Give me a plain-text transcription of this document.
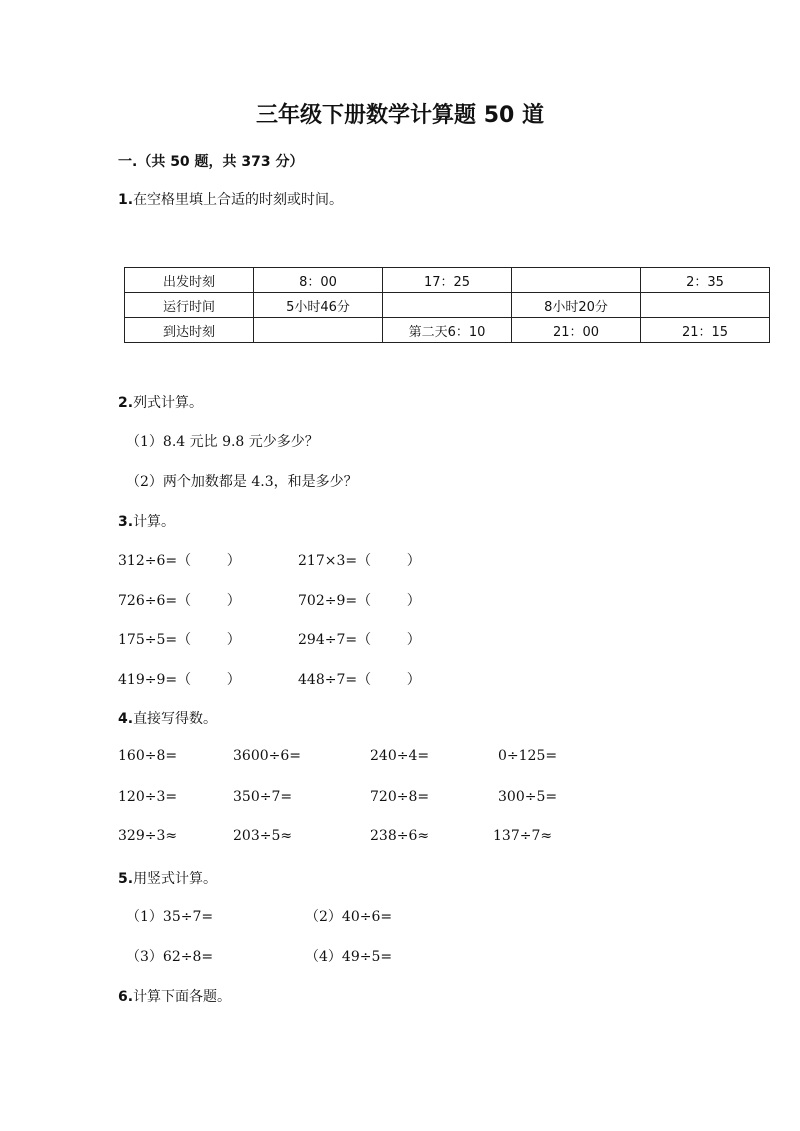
三年级下册数学计算题 50 道
一.（共 50 题，共 373 分）
1.在空格里填上合适的时刻或时间。
出发时刻	8：00	17：25		2：35
运行时间	5小时46分		8小时20分	
到达时刻		第二天6：10	21：00	21：15
2.列式计算。
（1）8.4 元比 9.8 元少多少？
（2）两个加数都是 4.3，和是多少？
3.计算。
312÷6=（        ）	217×3=（        ）
726÷6=（        ）	702÷9=（        ）
175÷5=（        ）	294÷7=（        ）
419÷9=（        ）	448÷7=（        ）
4.直接写得数。
160÷8=	3600÷6=	240÷4=	0÷125=
120÷3=	350÷7=	720÷8=	300÷5=
329÷3≈	203÷5≈	238÷6≈	137÷7≈
5.用竖式计算。
（1）35÷7=	（2）40÷6=
（3）62÷8=	（4）49÷5=
6.计算下面各题。
